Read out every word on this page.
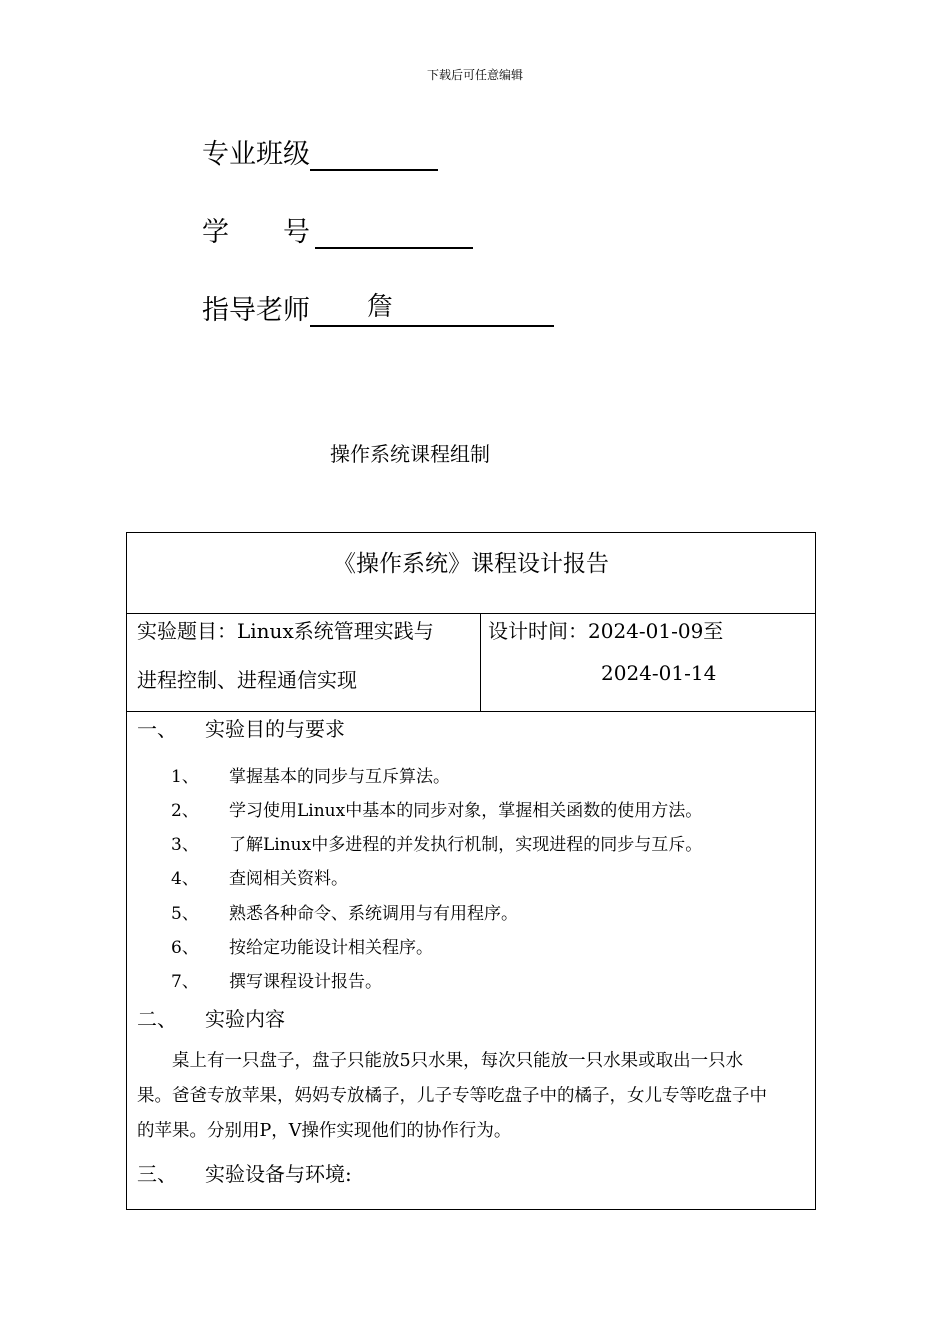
下载后可任意编辑
专业班级
学　　号
指导老师 詹
操作系统课程组制
《操作系统》课程设计报告
实验题目：Linux系统管理实践与
进程控制、进程通信实现
设计时间：2024-01-09至
2024-01-14
一、 实验目的与要求
1、 掌握基本的同步与互斥算法。
2、 学习使用Linux中基本的同步对象，掌握相关函数的使用方法。
3、 了解Linux中多进程的并发执行机制，实现进程的同步与互斥。
4、 查阅相关资料。
5、 熟悉各种命令、系统调用与有用程序。
6、 按给定功能设计相关程序。
7、 撰写课程设计报告。
二、 实验内容
　　桌上有一只盘子，盘子只能放5只水果，每次只能放一只水果或取出一只水
果。爸爸专放苹果，妈妈专放橘子，儿子专等吃盘子中的橘子，女儿专等吃盘子中
的苹果。分别用P，V操作实现他们的协作行为。
三、 实验设备与环境:
